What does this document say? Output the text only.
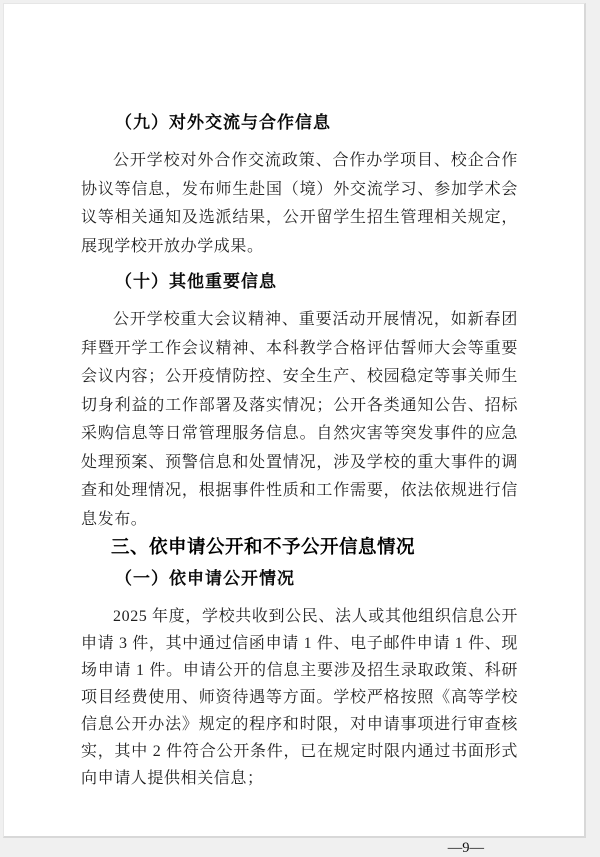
（九）对外交流与合作信息

公开学校对外合作交流政策、合作办学项目、校企合作协议等信息，发布师生赴国（境）外交流学习、参加学术会议等相关通知及选派结果，公开留学生招生管理相关规定，展现学校开放办学成果。

（十）其他重要信息

公开学校重大会议精神、重要活动开展情况，如新春团拜暨开学工作会议精神、本科教学合格评估誓师大会等重要会议内容；公开疫情防控、安全生产、校园稳定等事关师生切身利益的工作部署及落实情况；公开各类通知公告、招标采购信息等日常管理服务信息。自然灾害等突发事件的应急处理预案、预警信息和处置情况，涉及学校的重大事件的调查和处理情况，根据事件性质和工作需要，依法依规进行信息发布。

三、依申请公开和不予公开信息情况
（一）依申请公开情况

2025 年度，学校共收到公民、法人或其他组织信息公开申请 3 件，其中通过信函申请 1 件、电子邮件申请 1 件、现场申请 1 件。申请公开的信息主要涉及招生录取政策、科研项目经费使用、师资待遇等方面。学校严格按照《高等学校信息公开办法》规定的程序和时限，对申请事项进行审查核实，其中 2 件符合公开条件，已在规定时限内通过书面形式向申请人提供相关信息；

—9—
